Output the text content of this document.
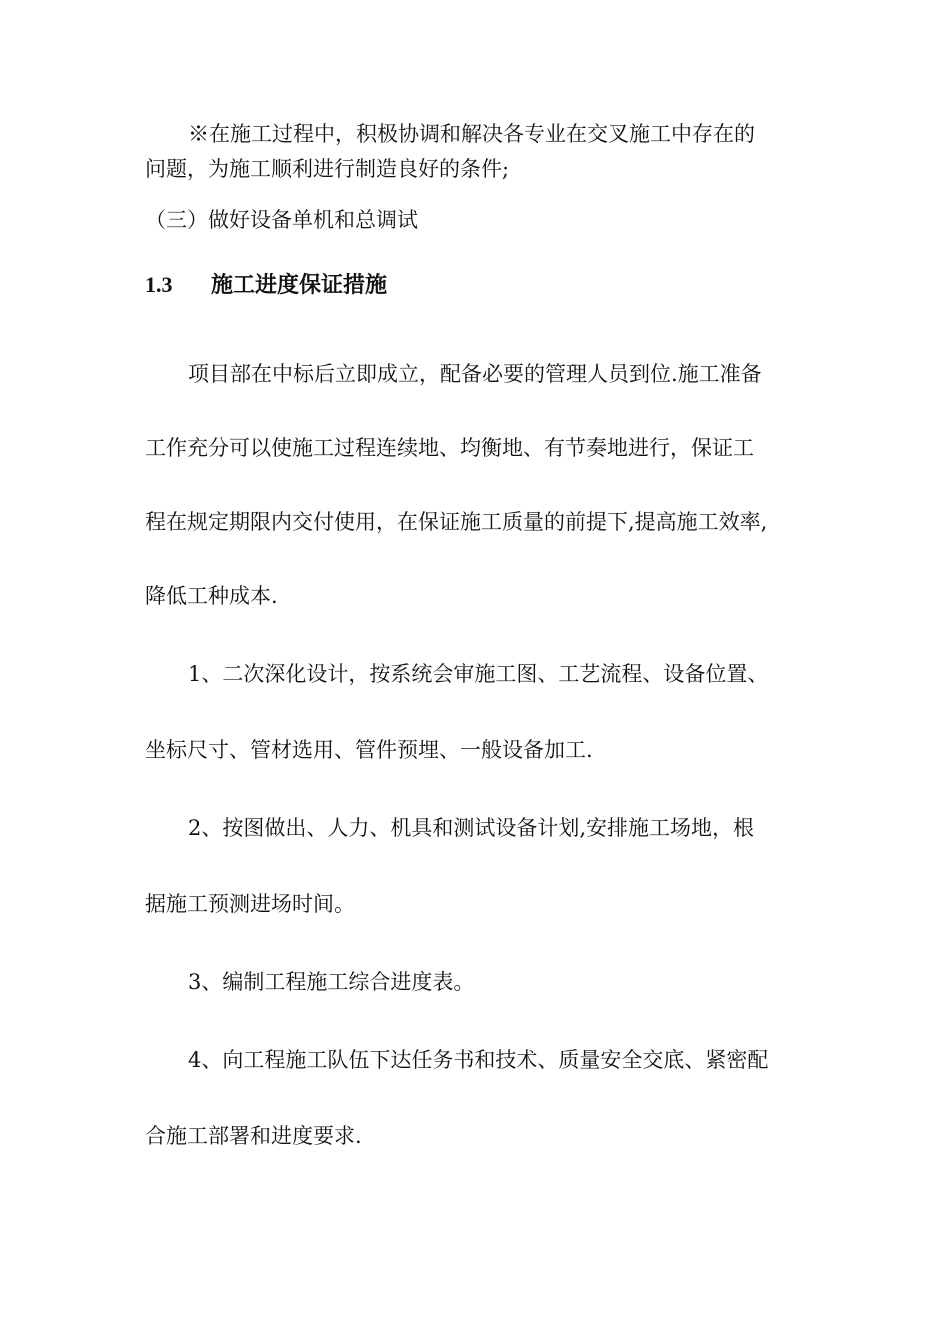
※在施工过程中，积极协调和解决各专业在交叉施工中存在的
问题，为施工顺利进行制造良好的条件;
（三）做好设备单机和总调试
1.3 施工进度保证措施
项目部在中标后立即成立，配备必要的管理人员到位.施工准备
工作充分可以使施工过程连续地、均衡地、有节奏地进行，保证工
程在规定期限内交付使用，在保证施工质量的前提下,提高施工效率,
降低工种成本.
1、二次深化设计，按系统会审施工图、工艺流程、设备位置、
坐标尺寸、管材选用、管件预埋、一般设备加工.
2、按图做出、人力、机具和测试设备计划,安排施工场地，根
据施工预测进场时间。
3、编制工程施工综合进度表。
4、向工程施工队伍下达任务书和技术、质量安全交底、紧密配
合施工部署和进度要求.
